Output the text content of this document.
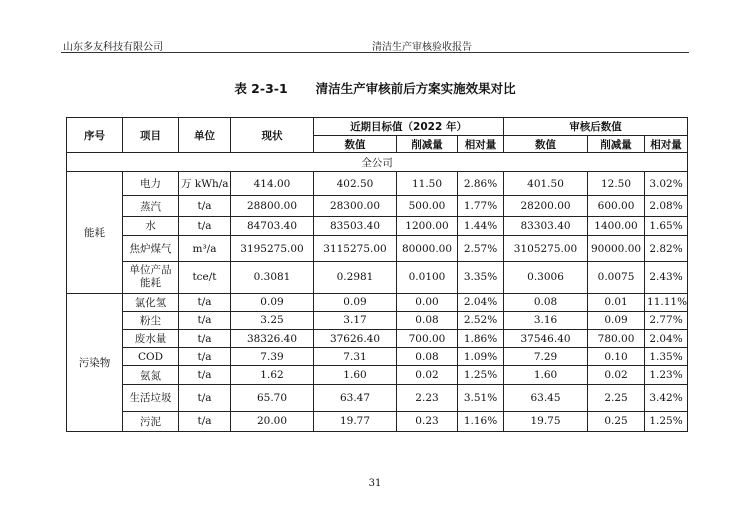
山东多友科技有限公司	清洁生产审核验收报告
表 2-3-1 清洁生产审核前后方案实施效果对比
序号	项目	单位	现状	近期目标值（2022 年）			审核后数值		
				数值	削减量	相对量	数值	削减量	相对量
全公司									
能耗	电力	万 kWh/a	414.00	402.50	11.50	2.86%	401.50	12.50	3.02%
	蒸汽	t/a	28800.00	28300.00	500.00	1.77%	28200.00	600.00	2.08%
	水	t/a	84703.40	83503.40	1200.00	1.44%	83303.40	1400.00	1.65%
	焦炉煤气	m³/a	3195275.00	3115275.00	80000.00	2.57%	3105275.00	90000.00	2.82%
	单位产品能耗	tce/t	0.3081	0.2981	0.0100	3.35%	0.3006	0.0075	2.43%
污染物	氯化氢	t/a	0.09	0.09	0.00	2.04%	0.08	0.01	11.11%
	粉尘	t/a	3.25	3.17	0.08	2.52%	3.16	0.09	2.77%
	废水量	t/a	38326.40	37626.40	700.00	1.86%	37546.40	780.00	2.04%
	COD	t/a	7.39	7.31	0.08	1.09%	7.29	0.10	1.35%
	氨氮	t/a	1.62	1.60	0.02	1.25%	1.60	0.02	1.23%
	生活垃圾	t/a	65.70	63.47	2.23	3.51%	63.45	2.25	3.42%
	污泥	t/a	20.00	19.77	0.23	1.16%	19.75	0.25	1.25%
31
